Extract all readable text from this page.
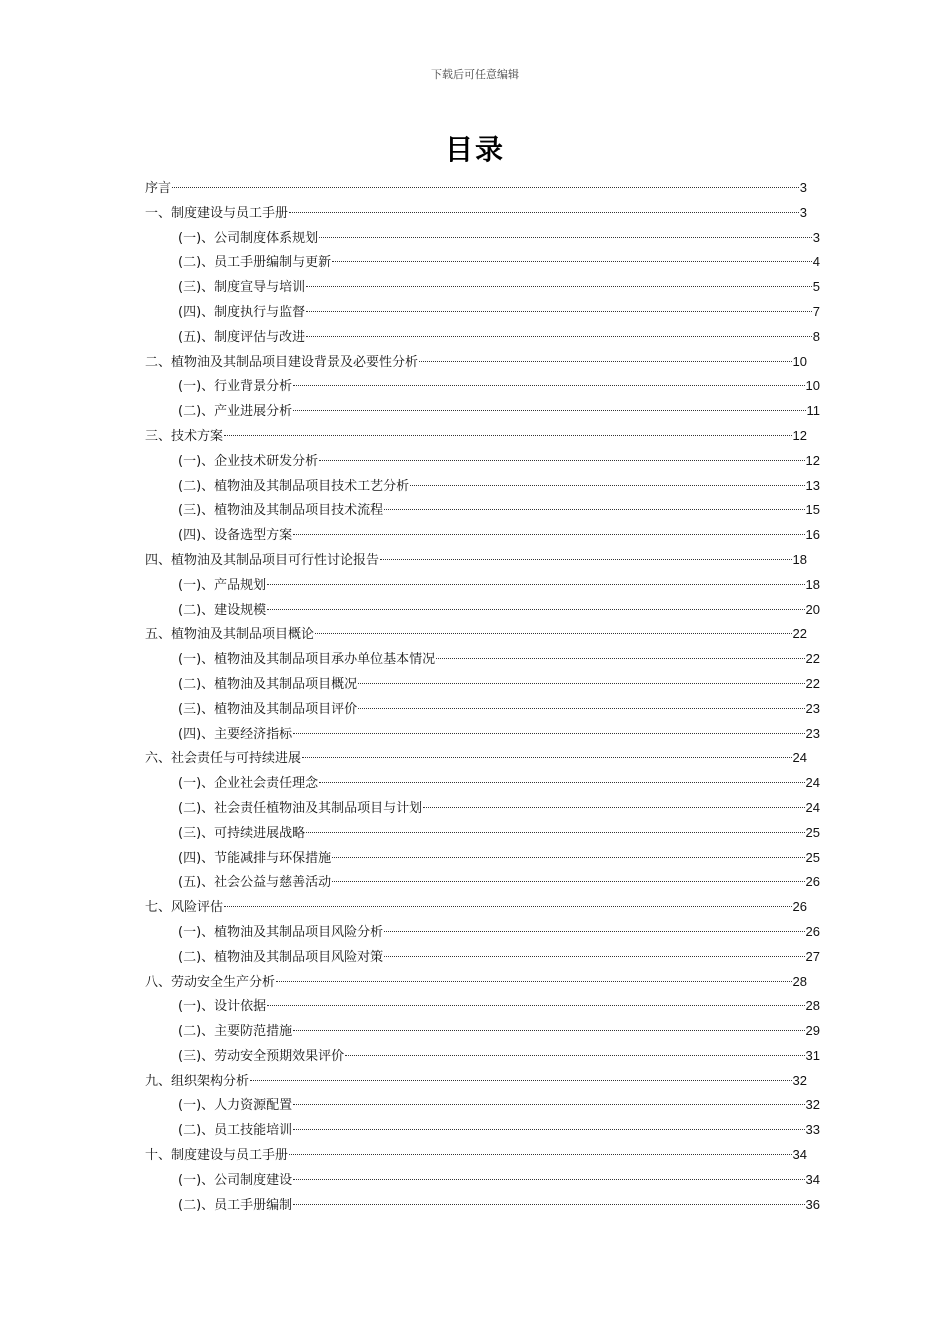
下载后可任意编辑
目录
序言	3
一、制度建设与员工手册	3
(一)、公司制度体系规划	3
(二)、员工手册编制与更新	4
(三)、制度宣导与培训	5
(四)、制度执行与监督	7
(五)、制度评估与改进	8
二、植物油及其制品项目建设背景及必要性分析	10
(一)、行业背景分析	10
(二)、产业进展分析	11
三、技术方案	12
(一)、企业技术研发分析	12
(二)、植物油及其制品项目技术工艺分析	13
(三)、植物油及其制品项目技术流程	15
(四)、设备选型方案	16
四、植物油及其制品项目可行性讨论报告	18
(一)、产品规划	18
(二)、建设规模	20
五、植物油及其制品项目概论	22
(一)、植物油及其制品项目承办单位基本情况	22
(二)、植物油及其制品项目概况	22
(三)、植物油及其制品项目评价	23
(四)、主要经济指标	23
六、社会责任与可持续进展	24
(一)、企业社会责任理念	24
(二)、社会责任植物油及其制品项目与计划	24
(三)、可持续进展战略	25
(四)、节能减排与环保措施	25
(五)、社会公益与慈善活动	26
七、风险评估	26
(一)、植物油及其制品项目风险分析	26
(二)、植物油及其制品项目风险对策	27
八、劳动安全生产分析	28
(一)、设计依据	28
(二)、主要防范措施	29
(三)、劳动安全预期效果评价	31
九、组织架构分析	32
(一)、人力资源配置	32
(二)、员工技能培训	33
十、制度建设与员工手册	34
(一)、公司制度建设	34
(二)、员工手册编制	36
